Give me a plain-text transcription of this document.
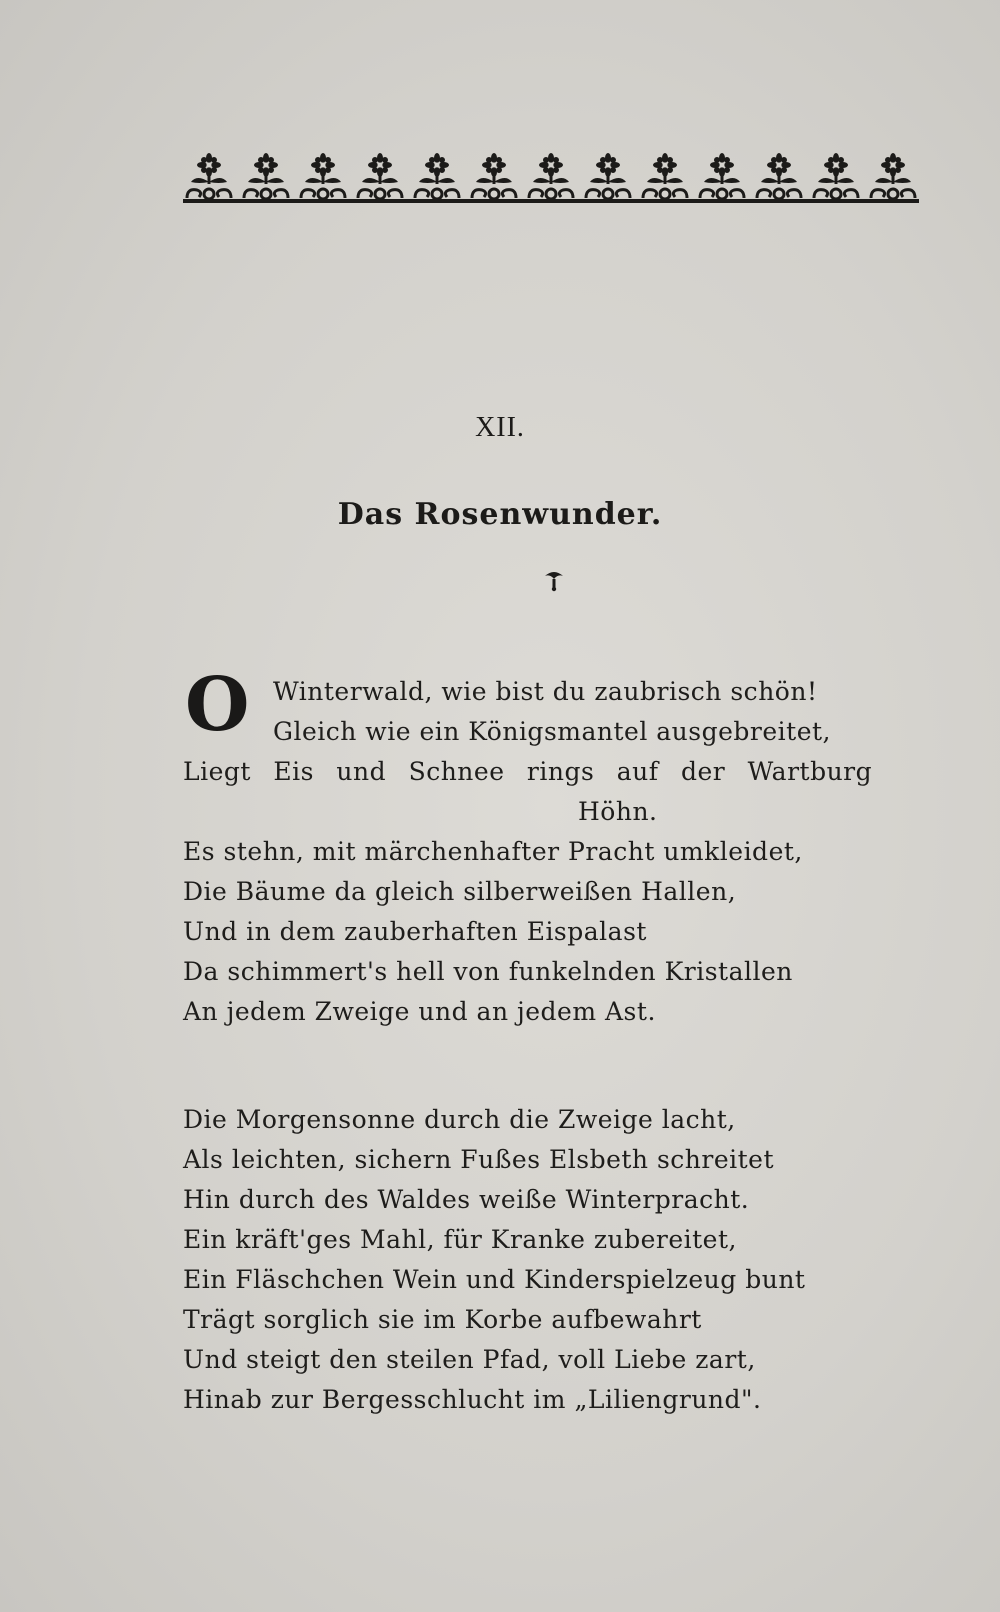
XII.
Das Rosenwunder.
O Winterwald, wie bist du zaubrisch schön!
Gleich wie ein Königsmantel ausgebreitet,
Liegt Eis und Schnee rings auf der Wartburg
Höhn.
Es stehn, mit märchenhafter Pracht umkleidet,
Die Bäume da gleich silberweißen Hallen,
Und in dem zauberhaften Eispalast
Da schimmert's hell von funkelnden Kristallen
An jedem Zweige und an jedem Ast.
Die Morgensonne durch die Zweige lacht,
Als leichten, sichern Fußes Elsbeth schreitet
Hin durch des Waldes weiße Winterpracht.
Ein kräft'ges Mahl, für Kranke zubereitet,
Ein Fläschchen Wein und Kinderspielzeug bunt
Trägt sorglich sie im Korbe aufbewahrt
Und steigt den steilen Pfad, voll Liebe zart,
Hinab zur Bergesschlucht im „Liliengrund".
